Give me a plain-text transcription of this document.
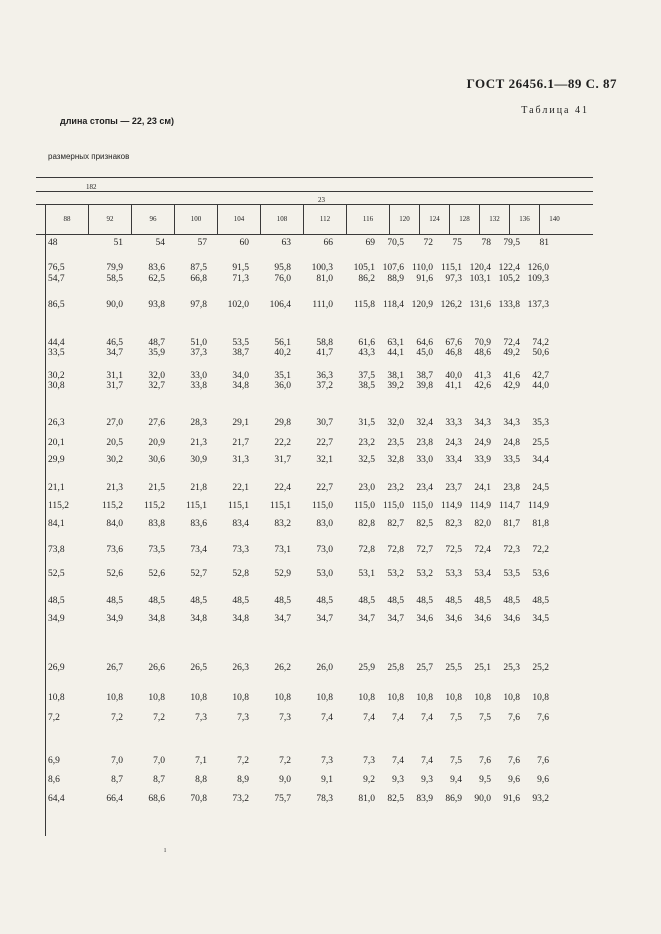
ГОСТ 26456.1—89 С. 87
Таблица 41
длина стопы — 22, 23 см)
размерных признаков
182
23
88	92	96	100	104	108	112	116	120	124	128	132	136	140
48	51	54	57	60	63	66	69	70,5	72	75	78	79,5	81
76,5	79,9	83,6	87,5	91,5	95,8	100,3	105,1 107,6 110,0 115,1 120,4 122,4 126,0
54,7	58,5	62,5	66,8	71,3	76,0	81,0	86,2	88,9	91,6	97,3 103,1 105,2 109,3
86,5	90,0	93,8	97,8	102,0	106,4	111,0	115,8 118,4 120,9 126,2 131,6 133,8 137,3
44,4	46,5	48,7	51,0	53,5	56,1	58,8	61,6	63,1	64,6	67,6	70,9	72,4	74,2
33,5	34,7	35,9	37,3	38,7	40,2	41,7	43,3	44,1	45,0	46,8	48,6	49,2	50,6
30,2	31,1	32,0	33,0	34,0	35,1	36,3	37,5	38,1	38,7	40,0	41,3	41,6	42,7
30,8	31,7	32,7	33,8	34,8	36,0	37,2	38,5	39,2	39,8	41,1	42,6	42,9	44,0
26,3	27,0	27,6	28,3	29,1	29,8	30,7	31,5	32,0	32,4	33,3	34,3	34,3	35,3
20,1	20,5	20,9	21,3	21,7	22,2	22,7	23,2	23,5	23,8	24,3	24,9	24,8	25,5
29,9	30,2	30,6	30,9	31,3	31,7	32,1	32,5	32,8	33,0	33,4	33,9	33,5	34,4
21,1	21,3	21,5	21,8	22,1	22,4	22,7	23,0	23,2	23,4	23,7	24,1	23,8	24,5
115,2	115,2	115,2	115,1	115,1	115,1	115,0	115,0 115,0 115,0 114,9 114,9 114,7 114,9
84,1	84,0	83,8	83,6	83,4	83,2	83,0	82,8	82,7	82,5	82,3	82,0	81,7	81,8
73,8	73,6	73,5	73,4	73,3	73,1	73,0	72,8	72,8	72,7	72,5	72,4	72,3	72,2
52,5	52,6	52,6	52,7	52,8	52,9	53,0	53,1	53,2	53,2	53,3	53,4	53,5	53,6
48,5	48,5	48,5	48,5	48,5	48,5	48,5	48,5	48,5	48,5	48,5	48,5	48,5	48,5
34,9	34,9	34,8	34,8	34,8	34,7	34,7	34,7	34,7	34,6	34,6	34,6	34,6	34,5
26,9	26,7	26,6	26,5	26,3	26,2	26,0	25,9	25,8	25,7	25,5	25,1	25,3	25,2
10,8	10,8	10,8	10,8	10,8	10,8	10,8	10,8	10,8	10,8	10,8	10,8	10,8	10,8
7,2	7,2	7,2	7,3	7,3	7,3	7,4	7,4	7,4	7,4	7,5	7,5	7,6	7,6
6,9	7,0	7,0	7,1	7,2	7,2	7,3	7,3	7,4	7,4	7,5	7,6	7,6	7,6
8,6	8,7	8,7	8,8	8,9	9,0	9,1	9,2	9,3	9,3	9,4	9,5	9,6	9,6
64,4	66,4	68,6	70,8	73,2	75,7	78,3	81,0	82,5	83,9	86,9	90,0	91,6	93,2
ı
